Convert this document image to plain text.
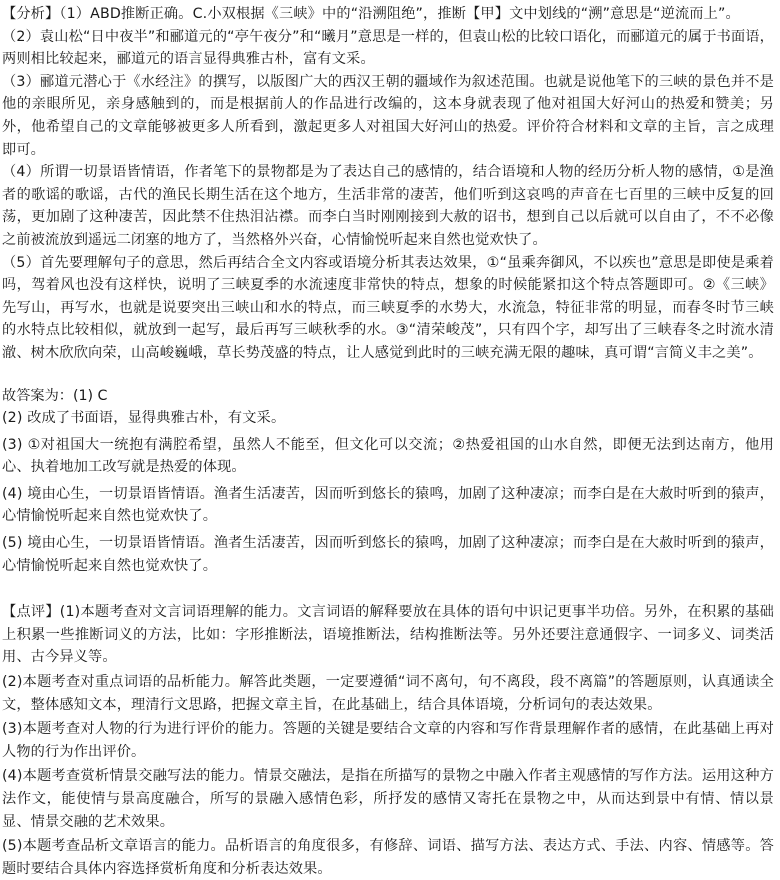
【分析】（1）ABD推断正确。C.小双根据《三峡》中的“沿溯阻绝”，推断【甲】文中划线的“溯”意思是“逆流而上”。

（2）袁山松“日中夜半”和郦道元的“亭午夜分”和“曦月”意思是一样的，但袁山松的比较口语化，而郦道元的属于书面语，两则相比较起来，郦道元的语言显得典雅古朴，富有文采。

（3）郦道元潜心于《水经注》的撰写，以版图广大的西汉王朝的疆域作为叙述范围。也就是说他笔下的三峡的景色并不是他的亲眼所见，亲身感触到的，而是根据前人的作品进行改编的，这本身就表现了他对祖国大好河山的热爱和赞美；另外，他希望自己的文章能够被更多人所看到，激起更多人对祖国大好河山的热爱。评价符合材料和文章的主旨，言之成理即可。

（4）所谓一切景语皆情语，作者笔下的景物都是为了表达自己的感情的，结合语境和人物的经历分析人物的感情，①是渔者的歌谣的歌谣，古代的渔民长期生活在这个地方，生活非常的凄苦，他们听到这哀鸣的声音在七百里的三峡中反复的回荡，更加剧了这种凄苦，因此禁不住热泪沾襟。而李白当时刚刚接到大赦的诏书，想到自己以后就可以自由了，不不必像之前被流放到遥远二闭塞的地方了，当然格外兴奋，心情愉悦听起来自然也觉欢快了。

（5）首先要理解句子的意思，然后再结合全文内容或语境分析其表达效果，①“虽乘奔御风，不以疾也”意思是即使是乘着吗，驾着风也没有这样快，说明了三峡夏季的水流速度非常快的特点，想象的时候能紧扣这个特点答题即可。②《三峡》先写山，再写水，也就是说要突出三峡山和水的特点，而三峡夏季的水势大，水流急，特征非常的明显，而春冬时节三峡的水特点比较相似，就放到一起写，最后再写三峡秋季的水。③“清荣峻茂”，只有四个字，却写出了三峡春冬之时流水清澈、树木欣欣向荣，山高峻巍峨，草长势茂盛的特点，让人感觉到此时的三峡充满无限的趣味，真可谓“言简义丰之美”。

故答案为：(1) C

(2) 改成了书面语，显得典雅古朴，有文采。

(3) ①对祖国大一统抱有满腔希望，虽然人不能至，但文化可以交流；②热爱祖国的山水自然，即便无法到达南方，他用心、执着地加工改写就是热爱的体现。

(4) 境由心生，一切景语皆情语。渔者生活凄苦，因而听到悠长的猿鸣，加剧了这种凄凉；而李白是在大赦时听到的猿声，心情愉悦听起来自然也觉欢快了。

(5) 境由心生，一切景语皆情语。渔者生活凄苦，因而听到悠长的猿鸣，加剧了这种凄凉；而李白是在大赦时听到的猿声，心情愉悦听起来自然也觉欢快了。

【点评】(1)本题考查对文言词语理解的能力。文言词语的解释要放在具体的语句中识记更事半功倍。另外，在积累的基础上积累一些推断词义的方法，比如：字形推断法，语境推断法，结构推断法等。另外还要注意通假字、一词多义、词类活用、古今异义等。

(2)本题考查对重点词语的品析能力。解答此类题，一定要遵循“词不离句，句不离段，段不离篇”的答题原则，认真通读全文，整体感知文本，理清行文思路，把握文章主旨，在此基础上，结合具体语境，分析词句的表达效果。

(3)本题考查对人物的行为进行评价的能力。答题的关键是要结合文章的内容和写作背景理解作者的感情，在此基础上再对人物的行为作出评价。

(4)本题考查赏析情景交融写法的能力。情景交融法，是指在所描写的景物之中融入作者主观感情的写作方法。运用这种方法作文，能使情与景高度融合，所写的景融入感情色彩，所抒发的感情又寄托在景物之中，从而达到景中有情、情以景显、情景交融的艺术效果。

(5)本题考查品析文章语言的能力。品析语言的角度很多，有修辞、词语、描写方法、表达方式、手法、内容、情感等。答题时要结合具体内容选择赏析角度和分析表达效果。
